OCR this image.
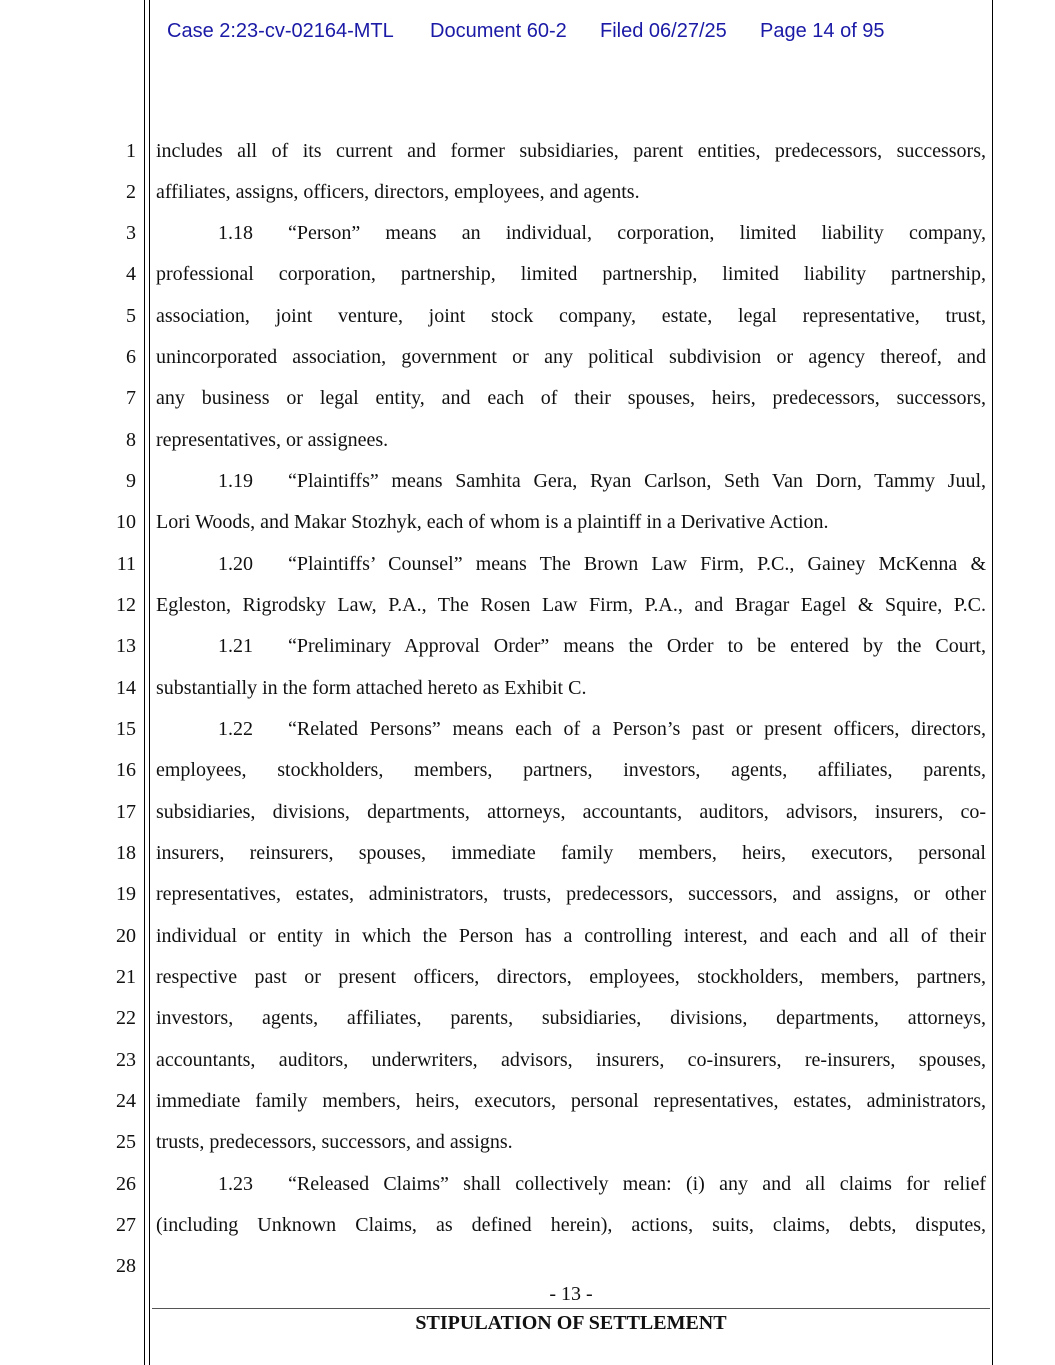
Case 2:23-cv-02164-MTL Document 60-2 Filed 06/27/25 Page 14 of 95
1
2
3
4
5
6
7
8
9
10
11
12
13
14
15
16
17
18
19
20
21
22
23
24
25
26
27
28
includes all of its current and former subsidiaries, parent entities, predecessors, successors,
affiliates, assigns, officers, directors, employees, and agents.
1.18 “Person” means an individual, corporation, limited liability company,
professional corporation, partnership, limited partnership, limited liability partnership,
association, joint venture, joint stock company, estate, legal representative, trust,
unincorporated association, government or any political subdivision or agency thereof, and
any business or legal entity, and each of their spouses, heirs, predecessors, successors,
representatives, or assignees.
1.19 “Plaintiffs” means Samhita Gera, Ryan Carlson, Seth Van Dorn, Tammy Juul,
Lori Woods, and Makar Stozhyk, each of whom is a plaintiff in a Derivative Action.
1.20 “Plaintiffs’ Counsel” means The Brown Law Firm, P.C., Gainey McKenna &
Egleston, Rigrodsky Law, P.A., The Rosen Law Firm, P.A., and Bragar Eagel & Squire, P.C.
1.21 “Preliminary Approval Order” means the Order to be entered by the Court,
substantially in the form attached hereto as Exhibit C.
1.22 “Related Persons” means each of a Person’s past or present officers, directors,
employees, stockholders, members, partners, investors, agents, affiliates, parents,
subsidiaries, divisions, departments, attorneys, accountants, auditors, advisors, insurers, co-
insurers, reinsurers, spouses, immediate family members, heirs, executors, personal
representatives, estates, administrators, trusts, predecessors, successors, and assigns, or other
individual or entity in which the Person has a controlling interest, and each and all of their
respective past or present officers, directors, employees, stockholders, members, partners,
investors, agents, affiliates, parents, subsidiaries, divisions, departments, attorneys,
accountants, auditors, underwriters, advisors, insurers, co-insurers, re-insurers, spouses,
immediate family members, heirs, executors, personal representatives, estates, administrators,
trusts, predecessors, successors, and assigns.
1.23 “Released Claims” shall collectively mean: (i) any and all claims for relief
(including Unknown Claims, as defined herein), actions, suits, claims, debts, disputes,
- 13 -
STIPULATION OF SETTLEMENT
